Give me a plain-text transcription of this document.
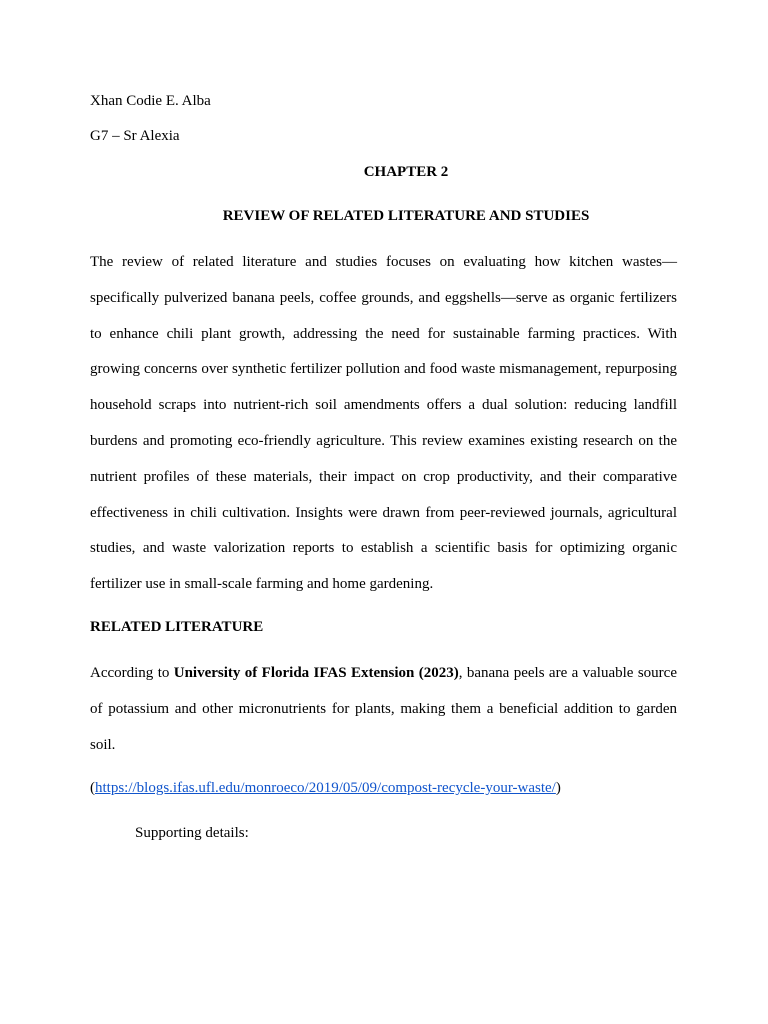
Xhan Codie E. Alba
G7 – Sr Alexia
CHAPTER 2
REVIEW OF RELATED LITERATURE AND STUDIES

The review of related literature and studies focuses on evaluating how kitchen wastes—specifically pulverized banana peels, coffee grounds, and eggshells—serve as organic fertilizers to enhance chili plant growth, addressing the need for sustainable farming practices. With growing concerns over synthetic fertilizer pollution and food waste mismanagement, repurposing household scraps into nutrient-rich soil amendments offers a dual solution: reducing landfill burdens and promoting eco-friendly agriculture. This review examines existing research on the nutrient profiles of these materials, their impact on crop productivity, and their comparative effectiveness in chili cultivation. Insights were drawn from peer-reviewed journals, agricultural studies, and waste valorization reports to establish a scientific basis for optimizing organic fertilizer use in small-scale farming and home gardening.

RELATED LITERATURE

According to University of Florida IFAS Extension (2023), banana peels are a valuable source of potassium and other micronutrients for plants, making them a beneficial addition to garden soil.

(https://blogs.ifas.ufl.edu/monroeco/2019/05/09/compost-recycle-your-waste/)
Supporting details:
